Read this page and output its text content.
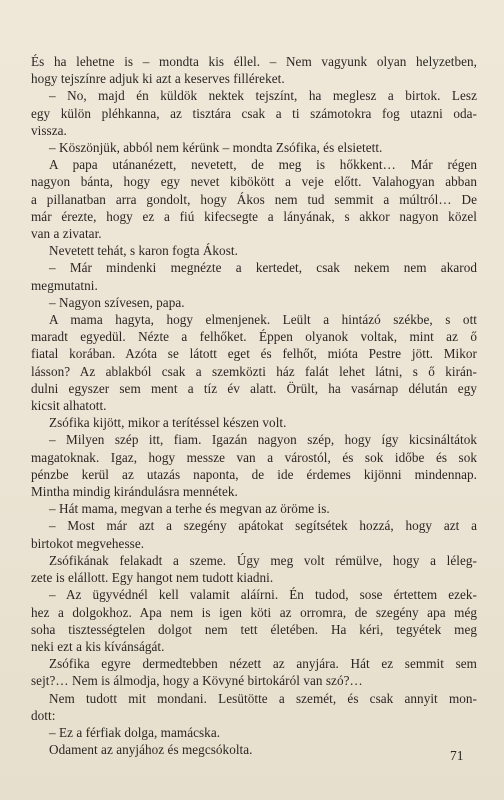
És ha lehetne is – mondta kis éllel. – Nem vagyunk olyan helyzetben,
hogy tejszínre adjuk ki azt a keserves filléreket.
– No, majd én küldök nektek tejszínt, ha meglesz a birtok. Lesz
egy külön pléhkanna, az tisztára csak a ti számotokra fog utazni oda-
vissza.
– Köszönjük, abból nem kérünk – mondta Zsófika, és elsietett.
A papa utánanézett, nevetett, de meg is hőkkent… Már régen
nagyon bánta, hogy egy nevet kibökött a veje előtt. Valahogyan abban
a pillanatban arra gondolt, hogy Ákos nem tud semmit a múltról… De
már érezte, hogy ez a fiú kifecsegte a lányának, s akkor nagyon közel
van a zivatar.
Nevetett tehát, s karon fogta Ákost.
– Már mindenki megnézte a kertedet, csak nekem nem akarod
megmutatni.
– Nagyon szívesen, papa.
A mama hagyta, hogy elmenjenek. Leült a hintázó székbe, s ott
maradt egyedül. Nézte a felhőket. Éppen olyanok voltak, mint az ő
fiatal korában. Azóta se látott eget és felhőt, mióta Pestre jött. Mikor
lásson? Az ablakból csak a szemközti ház falát lehet látni, s ő kirán-
dulni egyszer sem ment a tíz év alatt. Örült, ha vasárnap délután egy
kicsit alhatott.
Zsófika kijött, mikor a terítéssel készen volt.
– Milyen szép itt, fiam. Igazán nagyon szép, hogy így kicsináltátok
magatoknak. Igaz, hogy messze van a várostól, és sok időbe és sok
pénzbe kerül az utazás naponta, de ide érdemes kijönni mindennap.
Mintha mindig kirándulásra mennétek.
– Hát mama, megvan a terhe és megvan az öröme is.
– Most már azt a szegény apátokat segítsétek hozzá, hogy azt a
birtokot megvehesse.
Zsófikának felakadt a szeme. Úgy meg volt rémülve, hogy a léleg-
zete is elállott. Egy hangot nem tudott kiadni.
– Az ügyvédnél kell valamit aláírni. Én tudod, sose értettem ezek-
hez a dolgokhoz. Apa nem is igen köti az orromra, de szegény apa még
soha tisztességtelen dolgot nem tett életében. Ha kéri, tegyétek meg
neki ezt a kis kívánságát.
Zsófika egyre dermedtebben nézett az anyjára. Hát ez semmit sem
sejt?… Nem is álmodja, hogy a Kövyné birtokáról van szó?…
Nem tudott mit mondani. Lesütötte a szemét, és csak annyit mon-
dott:
– Ez a férfiak dolga, mamácska.
Odament az anyjához és megcsókolta.	71
